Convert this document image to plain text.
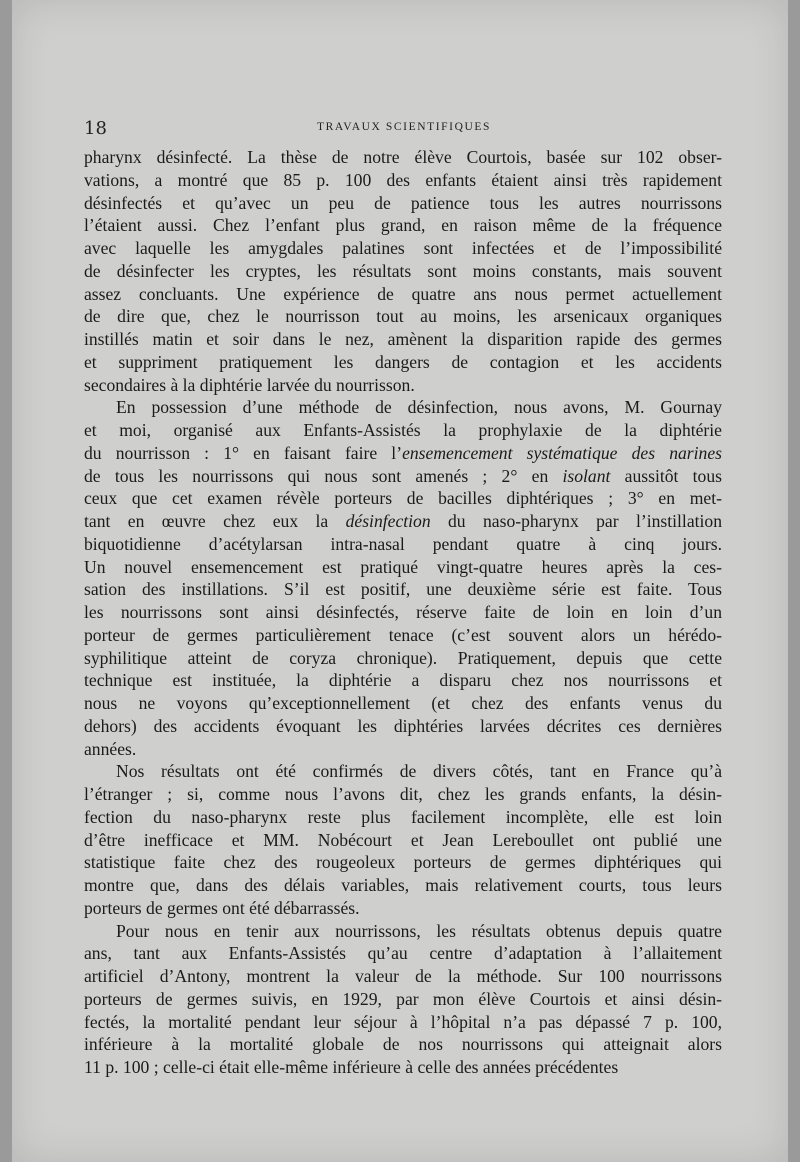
18	TRAVAUX SCIENTIFIQUES

pharynx désinfecté. La thèse de notre élève Courtois, basée sur 102 obser-
vations, a montré que 85 p. 100 des enfants étaient ainsi très rapidement
désinfectés et qu’avec un peu de patience tous les autres nourrissons
l’étaient aussi. Chez l’enfant plus grand, en raison même de la fréquence
avec laquelle les amygdales palatines sont infectées et de l’impossibilité
de désinfecter les cryptes, les résultats sont moins constants, mais souvent
assez concluants. Une expérience de quatre ans nous permet actuellement
de dire que, chez le nourrisson tout au moins, les arsenicaux organiques
instillés matin et soir dans le nez, amènent la disparition rapide des germes
et suppriment pratiquement les dangers de contagion et les accidents
secondaires à la diphtérie larvée du nourrisson.

En possession d’une méthode de désinfection, nous avons, M. Gournay
et moi, organisé aux Enfants-Assistés la prophylaxie de la diphtérie
du nourrisson : 1° en faisant faire l’ensemencement systématique des narines
de tous les nourrissons qui nous sont amenés ; 2° en isolant aussitôt tous
ceux que cet examen révèle porteurs de bacilles diphtériques ; 3° en met-
tant en œuvre chez eux la désinfection du naso-pharynx par l’instillation
biquotidienne d’acétylarsan intra-nasal pendant quatre à cinq jours.
Un nouvel ensemencement est pratiqué vingt-quatre heures après la ces-
sation des instillations. S’il est positif, une deuxième série est faite. Tous
les nourrissons sont ainsi désinfectés, réserve faite de loin en loin d’un
porteur de germes particulièrement tenace (c’est souvent alors un hérédo-
syphilitique atteint de coryza chronique). Pratiquement, depuis que cette
technique est instituée, la diphtérie a disparu chez nos nourrissons et
nous ne voyons qu’exceptionnellement (et chez des enfants venus du
dehors) des accidents évoquant les diphtéries larvées décrites ces dernières
années.

Nos résultats ont été confirmés de divers côtés, tant en France qu’à
l’étranger ; si, comme nous l’avons dit, chez les grands enfants, la désin-
fection du naso-pharynx reste plus facilement incomplète, elle est loin
d’être inefficace et MM. Nobécourt et Jean Lereboullet ont publié une
statistique faite chez des rougeoleux porteurs de germes diphtériques qui
montre que, dans des délais variables, mais relativement courts, tous leurs
porteurs de germes ont été débarrassés.

Pour nous en tenir aux nourrissons, les résultats obtenus depuis quatre
ans, tant aux Enfants-Assistés qu’au centre d’adaptation à l’allaitement
artificiel d’Antony, montrent la valeur de la méthode. Sur 100 nourrissons
porteurs de germes suivis, en 1929, par mon élève Courtois et ainsi désin-
fectés, la mortalité pendant leur séjour à l’hôpital n’a pas dépassé 7 p. 100,
inférieure à la mortalité globale de nos nourrissons qui atteignait alors
11 p. 100 ; celle-ci était elle-même inférieure à celle des années précédentes
